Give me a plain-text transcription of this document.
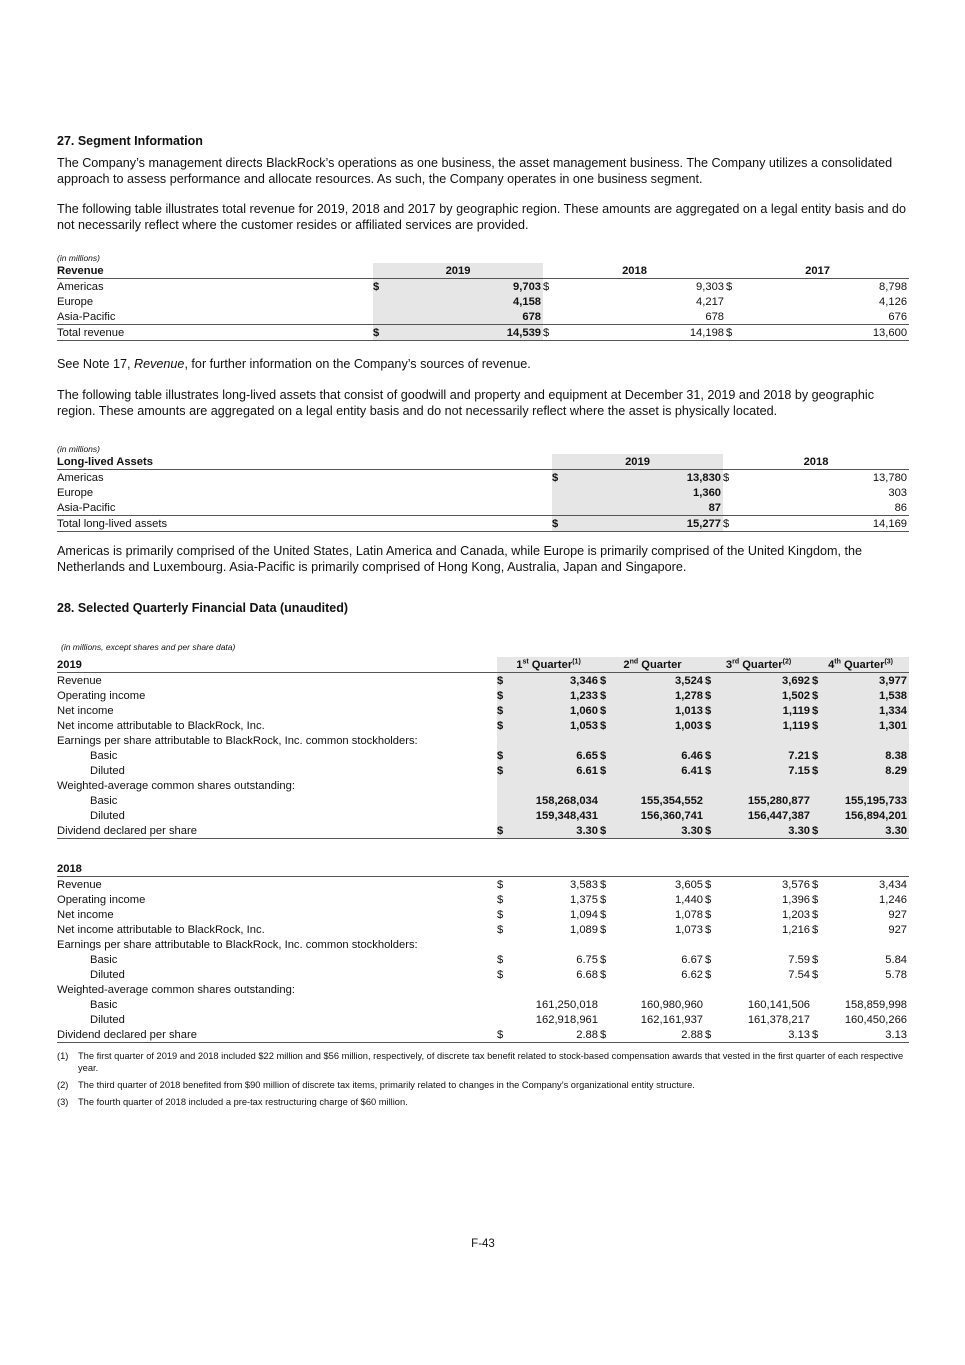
27. Segment Information
The Company’s management directs BlackRock’s operations as one business, the asset management business. The Company utilizes a consolidated approach to assess performance and allocate resources. As such, the Company operates in one business segment.
The following table illustrates total revenue for 2019, 2018 and 2017 by geographic region. These amounts are aggregated on a legal entity basis and do not necessarily reflect where the customer resides or affiliated services are provided.
(in millions)
Revenue	2019		2018		2017	
Americas	$	9,703	$	9,303	$	8,798
Europe		4,158		4,217		4,126
Asia-Pacific		678		678		676
Total revenue	$	14,539	$	14,198	$	13,600
See Note 17, Revenue, for further information on the Company’s sources of revenue.
The following table illustrates long-lived assets that consist of goodwill and property and equipment at December 31, 2019 and 2018 by geographic region. These amounts are aggregated on a legal entity basis and do not necessarily reflect where the asset is physically located.
(in millions)
Long-lived Assets	2019		2018	
Americas	$	13,830	$	13,780
Europe		1,360		303
Asia-Pacific		87		86
Total long-lived assets	$	15,277	$	14,169
Americas is primarily comprised of the United States, Latin America and Canada, while Europe is primarily comprised of the United Kingdom, the Netherlands and Luxembourg. Asia-Pacific is primarily comprised of Hong Kong, Australia, Japan and Singapore.
28. Selected Quarterly Financial Data (unaudited)
(in millions, except shares and per share data)
2019	1st Quarter$^{(1)}$		2nd Quarter		3rd Quarter$^{(2)}$		4th Quarter$^{(3)}$
Revenue	$	3,346	$	3,524	$	3,692	$	3,977
Operating income	$	1,233	$	1,278	$	1,502	$	1,538
Net income	$	1,060	$	1,013	$	1,119	$	1,334
Net income attributable to BlackRock, Inc.	$	1,053	$	1,003	$	1,119	$	1,301
Earnings per share attributable to BlackRock, Inc. common stockholders:								
Basic	$	6.65	$	6.46	$	7.21	$	8.38
Diluted	$	6.61	$	6.41	$	7.15	$	8.29
Weighted-average common shares outstanding:								
Basic		158,268,034		155,354,552		155,280,877		155,195,733
Diluted		159,348,431		156,360,741		156,447,387		156,894,201
Dividend declared per share	$	3.30	$	3.30	$	3.30	$	3.30

2018								
Revenue	$	3,583	$	3,605	$	3,576	$	3,434
Operating income	$	1,375	$	1,440	$	1,396	$	1,246
Net income	$	1,094	$	1,078	$	1,203	$	927
Net income attributable to BlackRock, Inc.	$	1,089	$	1,073	$	1,216	$	927
Earnings per share attributable to BlackRock, Inc. common stockholders:								
Basic	$	6.75	$	6.67	$	7.59	$	5.84
Diluted	$	6.68	$	6.62	$	7.54	$	5.78
Weighted-average common shares outstanding:								
Basic		161,250,018		160,980,960		160,141,506		158,859,998
Diluted		162,918,961		162,161,937		161,378,217		160,450,266
Dividend declared per share	$	2.88	$	2.88	$	3.13	$	3.13
(1)	The first quarter of 2019 and 2018 included $22 million and $56 million, respectively, of discrete tax benefit related to stock-based compensation awards that vested in the first quarter of each respective year.
(2)	The third quarter of 2018 benefited from $90 million of discrete tax items, primarily related to changes in the Company’s organizational entity structure.
(3)	The fourth quarter of 2018 included a pre-tax restructuring charge of $60 million.
F-43
